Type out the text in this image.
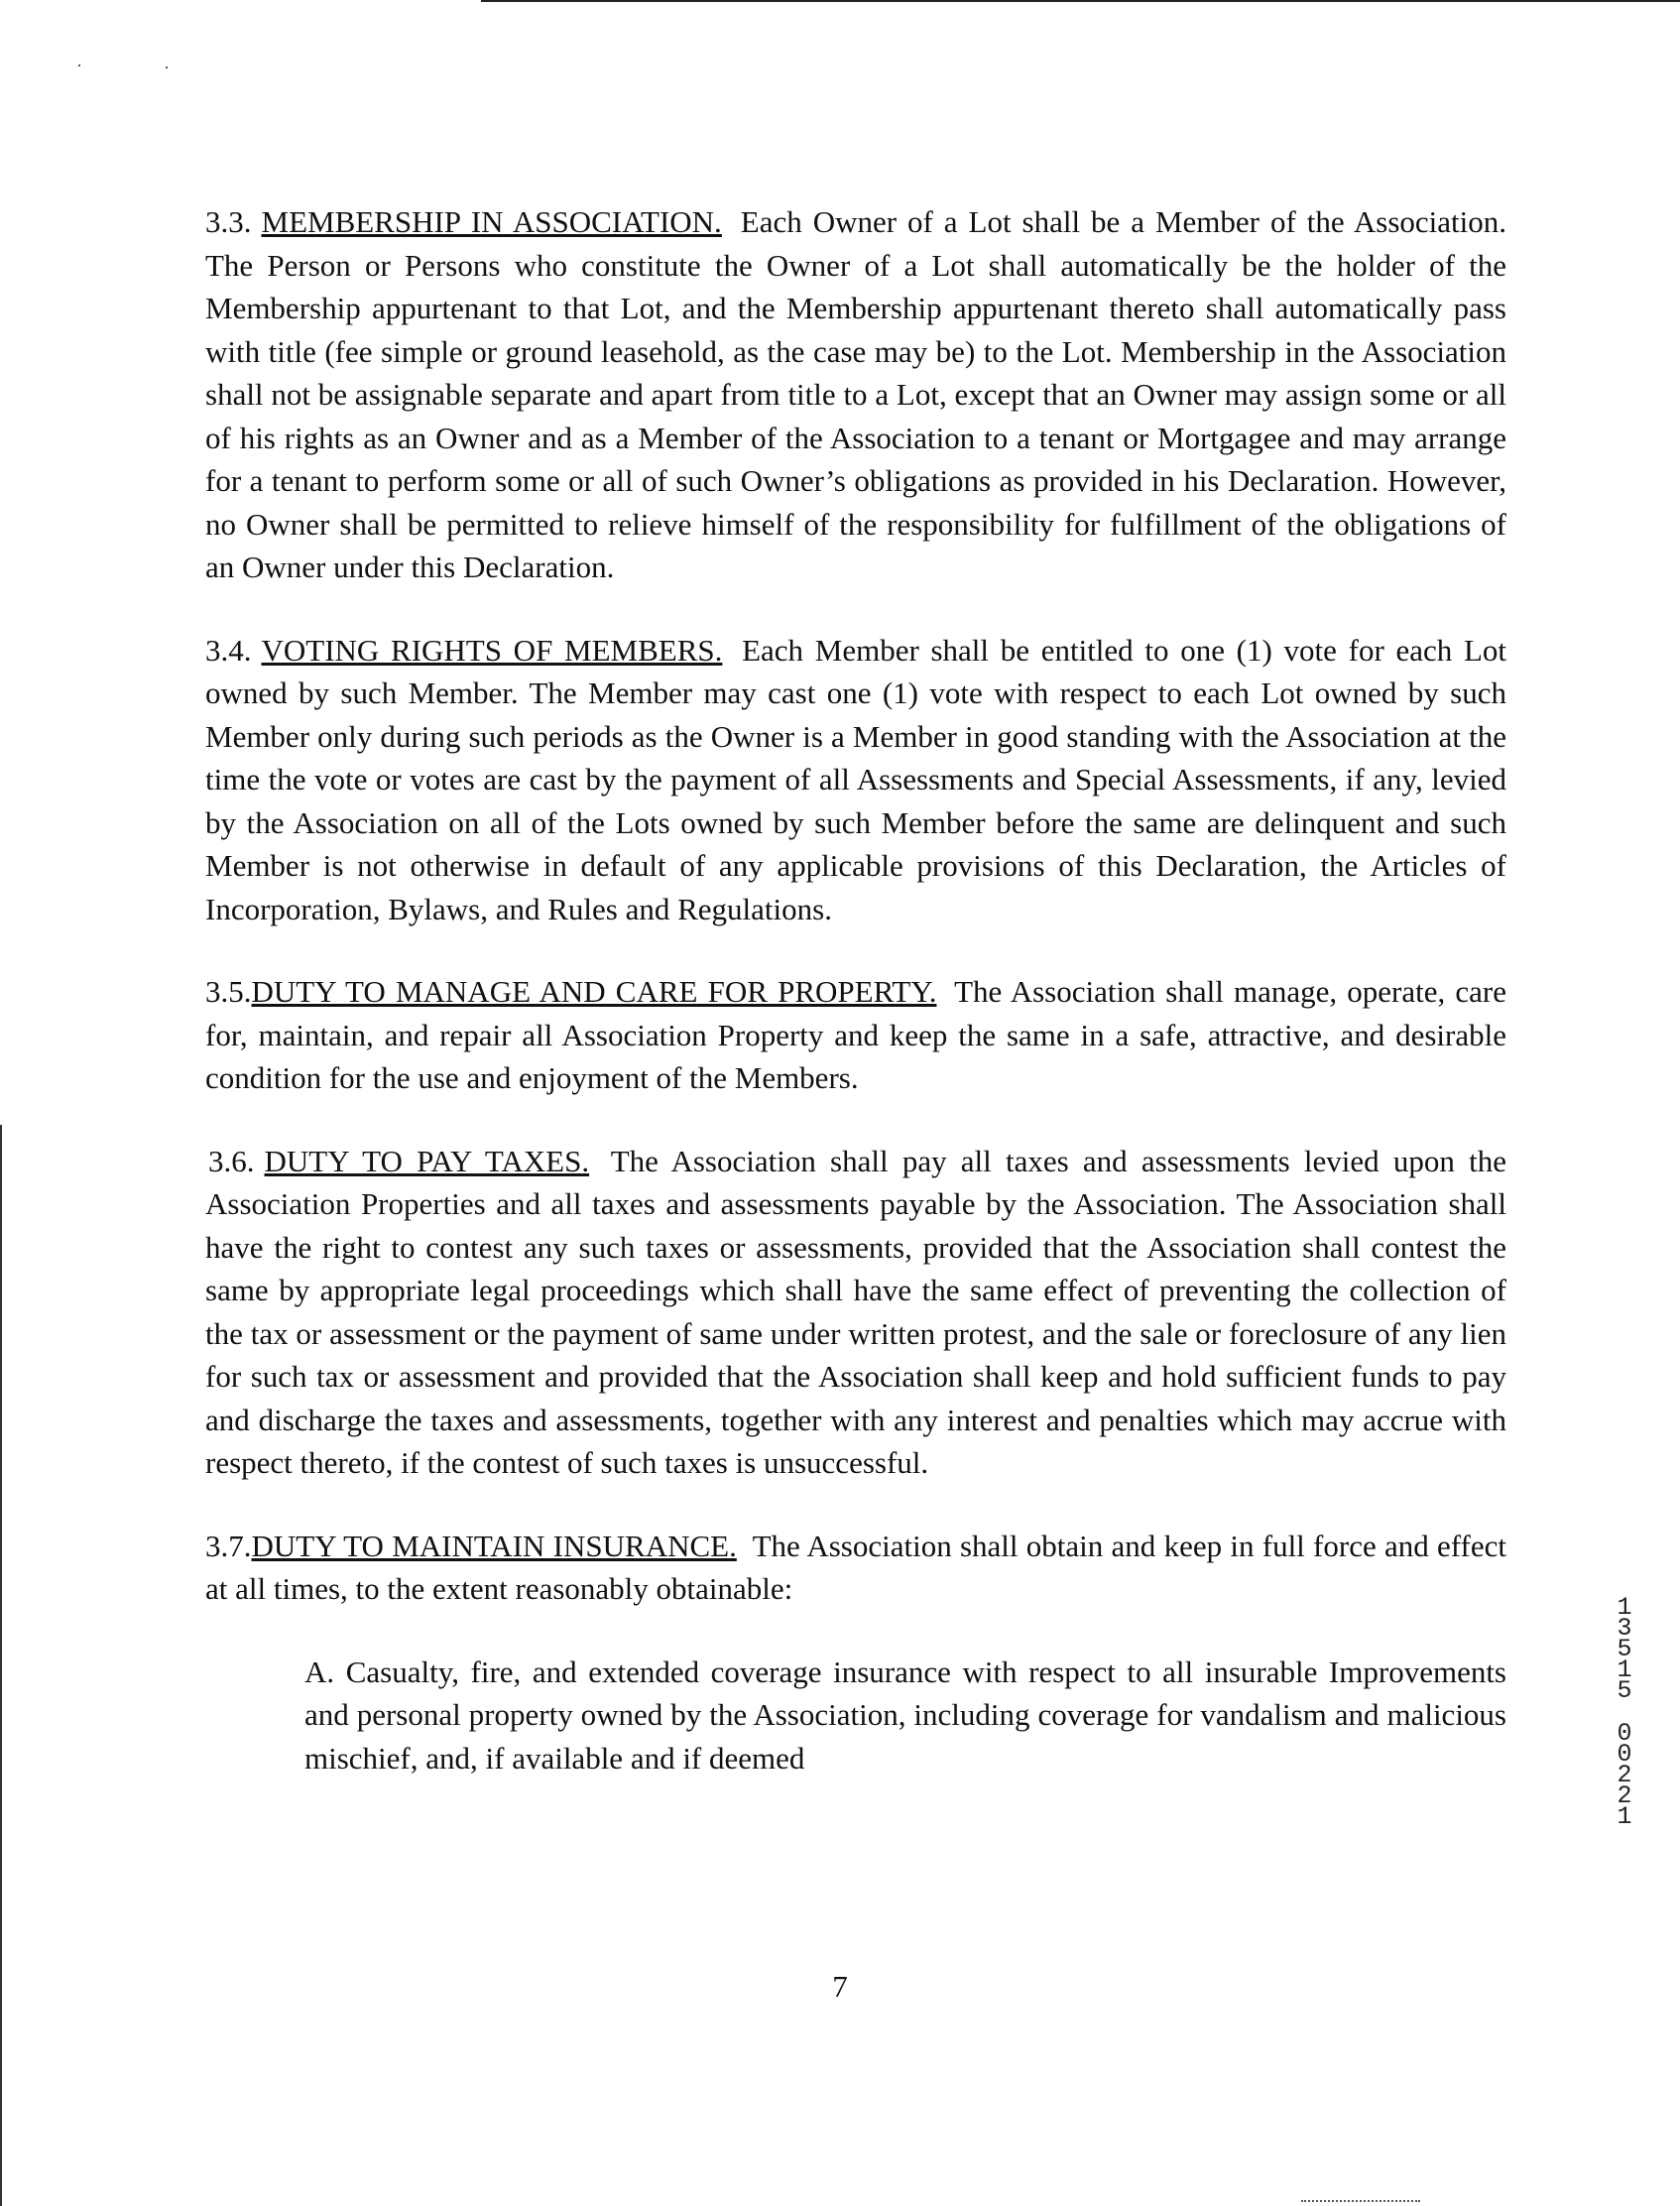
3.3. MEMBERSHIP IN ASSOCIATION. Each Owner of a Lot shall be a Member of the Association. The Person or Persons who constitute the Owner of a Lot shall automatically be the holder of the Membership appurtenant to that Lot, and the Membership appurtenant thereto shall automatically pass with title (fee simple or ground leasehold, as the case may be) to the Lot. Membership in the Association shall not be assignable separate and apart from title to a Lot, except that an Owner may assign some or all of his rights as an Owner and as a Member of the Association to a tenant or Mortgagee and may arrange for a tenant to perform some or all of such Owner’s obligations as provided in his Declaration. However, no Owner shall be permitted to relieve himself of the responsibility for fulfillment of the obligations of an Owner under this Declaration.

3.4. VOTING RIGHTS OF MEMBERS. Each Member shall be entitled to one (1) vote for each Lot owned by such Member. The Member may cast one (1) vote with respect to each Lot owned by such Member only during such periods as the Owner is a Member in good standing with the Association at the time the vote or votes are cast by the payment of all Assessments and Special Assessments, if any, levied by the Association on all of the Lots owned by such Member before the same are delinquent and such Member is not otherwise in default of any applicable provisions of this Declaration, the Articles of Incorporation, Bylaws, and Rules and Regulations.

3.5.DUTY TO MANAGE AND CARE FOR PROPERTY. The Association shall manage, operate, care for, maintain, and repair all Association Property and keep the same in a safe, attractive, and desirable condition for the use and enjoyment of the Members.

3.6. DUTY TO PAY TAXES. The Association shall pay all taxes and assessments levied upon the Association Properties and all taxes and assessments payable by the Association. The Association shall have the right to contest any such taxes or assessments, provided that the Association shall contest the same by appropriate legal proceedings which shall have the same effect of preventing the collection of the tax or assessment or the payment of same under written protest, and the sale or foreclosure of any lien for such tax or assessment and provided that the Association shall keep and hold sufficient funds to pay and discharge the taxes and assessments, together with any interest and penalties which may accrue with respect thereto, if the contest of such taxes is unsuccessful.

3.7.DUTY TO MAINTAIN INSURANCE. The Association shall obtain and keep in full force and effect at all times, to the extent reasonably obtainable:

A. Casualty, fire, and extended coverage insurance with respect to all insurable Improvements and personal property owned by the Association, including coverage for vandalism and malicious mischief, and, if available and if deemed

7
1
3
5
1
5
0
0
2
2
1
